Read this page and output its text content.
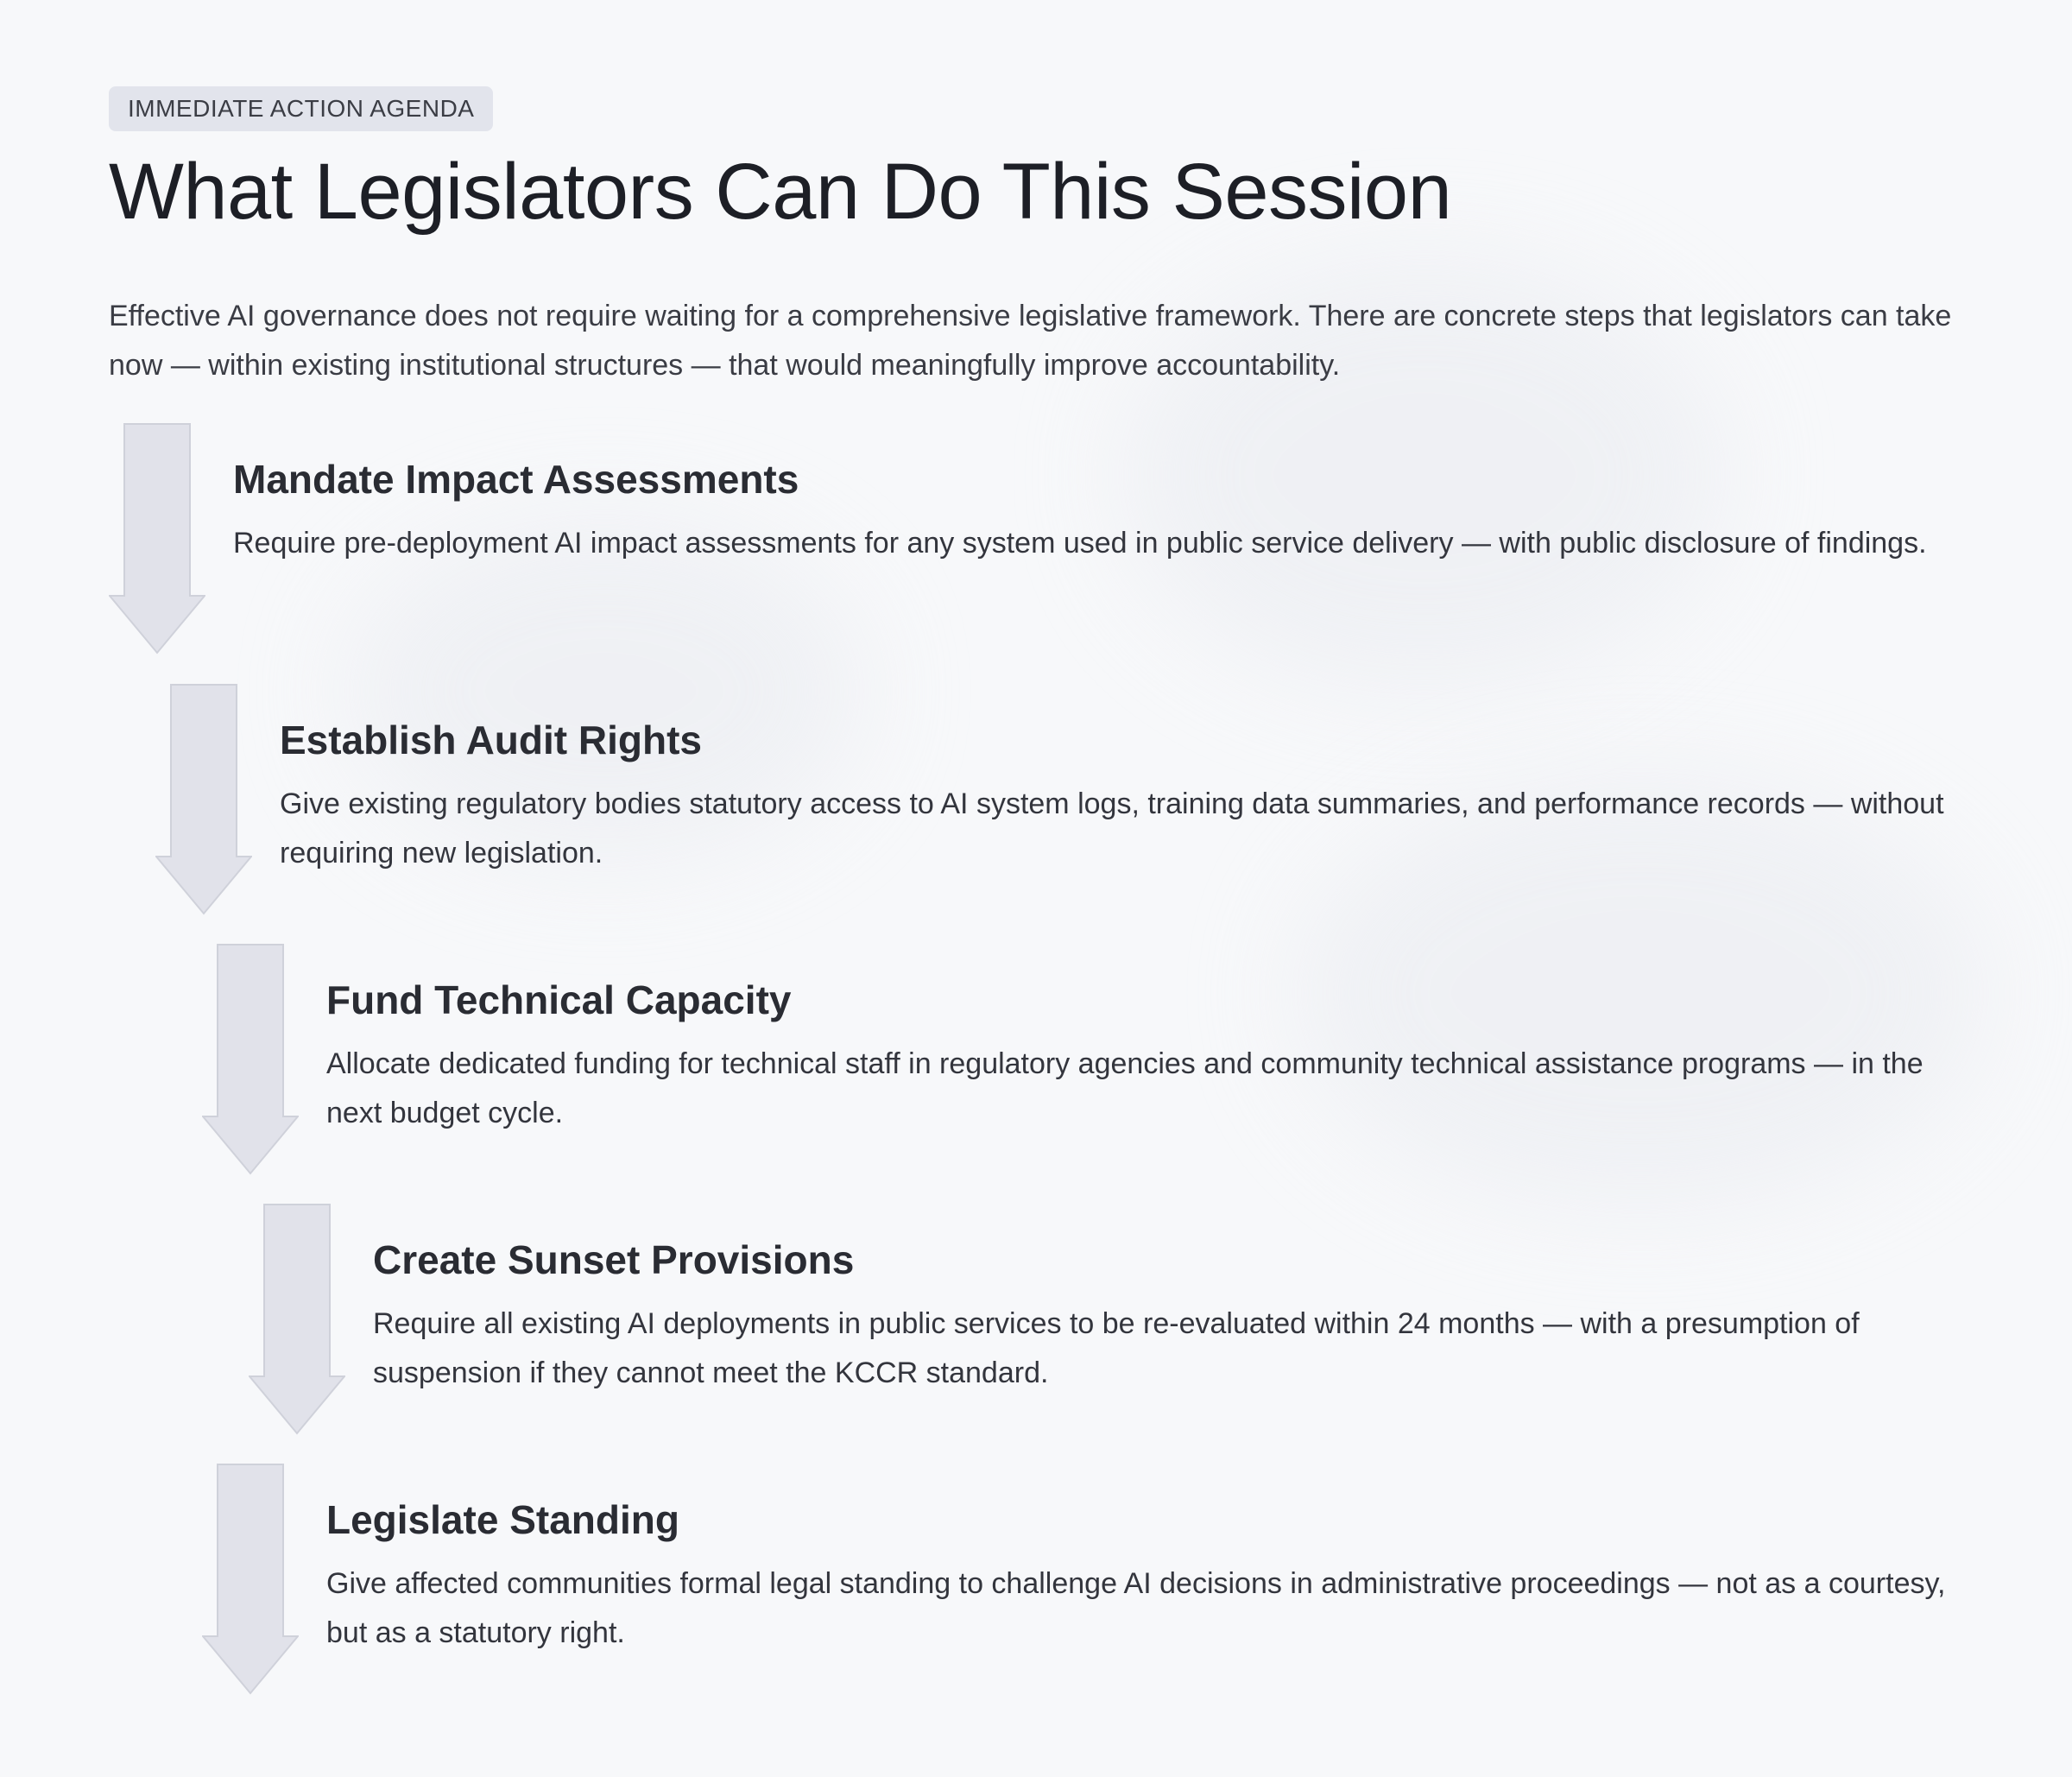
IMMEDIATE ACTION AGENDA
What Legislators Can Do This Session

Effective AI governance does not require waiting for a comprehensive legislative framework. There are concrete steps that legislators can take now — within existing institutional structures — that would meaningfully improve accountability.

Mandate Impact Assessments

Require pre-deployment AI impact assessments for any system used in public service delivery — with public disclosure of findings.

Establish Audit Rights

Give existing regulatory bodies statutory access to AI system logs, training data summaries, and performance records — without requiring new legislation.

Fund Technical Capacity

Allocate dedicated funding for technical staff in regulatory agencies and community technical assistance programs — in the next budget cycle.

Create Sunset Provisions

Require all existing AI deployments in public services to be re-evaluated within 24 months — with a presumption of suspension if they cannot meet the KCCR standard.

Legislate Standing

Give affected communities formal legal standing to challenge AI decisions in administrative proceedings — not as a courtesy, but as a statutory right.
